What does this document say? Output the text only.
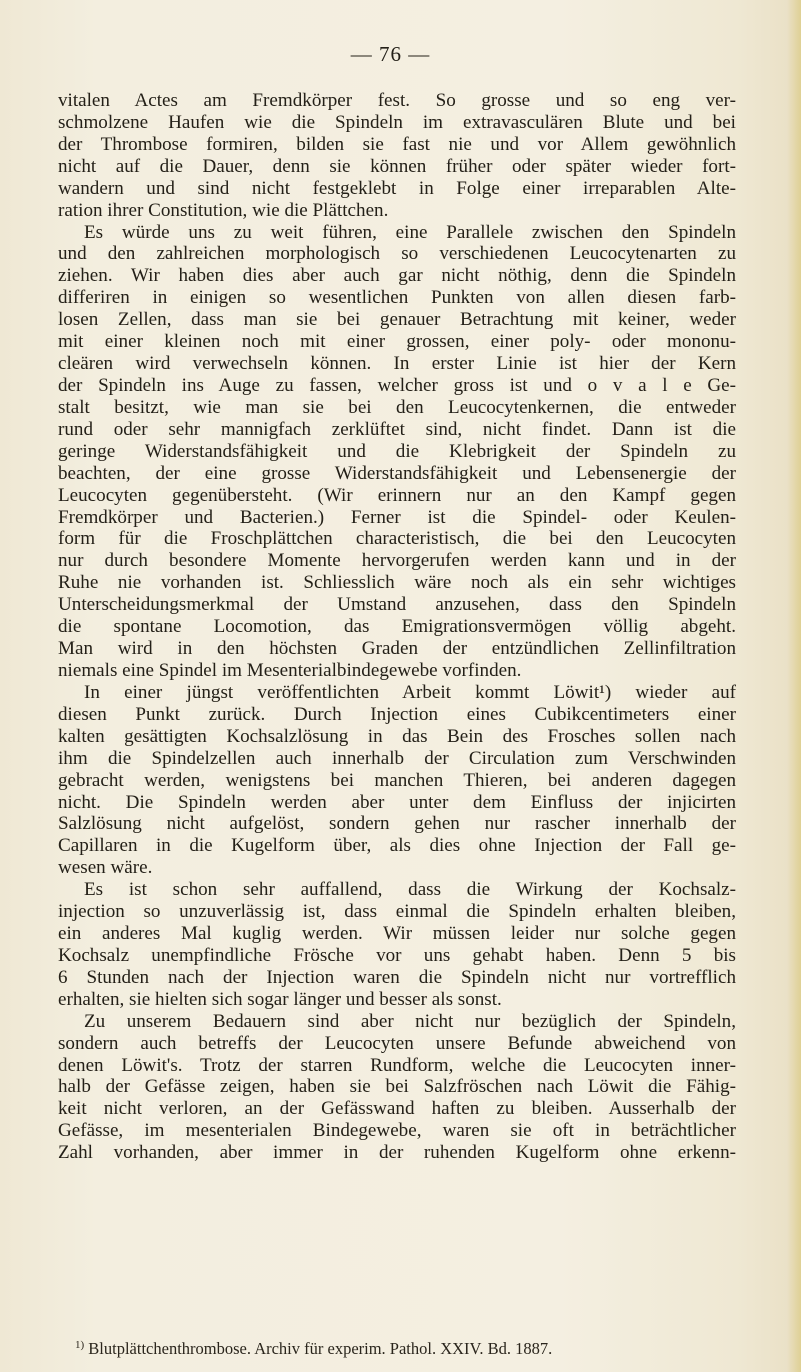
— 76 —
vitalen Actes am Fremdkörper fest. So grosse und so eng ver-
schmolzene Haufen wie die Spindeln im extravasculären Blute und bei
der Thrombose formiren, bilden sie fast nie und vor Allem gewöhnlich
nicht auf die Dauer, denn sie können früher oder später wieder fort-
wandern und sind nicht festgeklebt in Folge einer irreparablen Alte-
ration ihrer Constitution, wie die Plättchen.
Es würde uns zu weit führen, eine Parallele zwischen den Spindeln
und den zahlreichen morphologisch so verschiedenen Leucocytenarten zu
ziehen. Wir haben dies aber auch gar nicht nöthig, denn die Spindeln
differiren in einigen so wesentlichen Punkten von allen diesen farb-
losen Zellen, dass man sie bei genauer Betrachtung mit keiner, weder
mit einer kleinen noch mit einer grossen, einer poly- oder mononu-
cleären wird verwechseln können. In erster Linie ist hier der Kern
der Spindeln ins Auge zu fassen, welcher gross ist und o v a l e Ge-
stalt besitzt, wie man sie bei den Leucocytenkernen, die entweder
rund oder sehr mannigfach zerklüftet sind, nicht findet. Dann ist die
geringe Widerstandsfähigkeit und die Klebrigkeit der Spindeln zu
beachten, der eine grosse Widerstandsfähigkeit und Lebensenergie der
Leucocyten gegenübersteht. (Wir erinnern nur an den Kampf gegen
Fremdkörper und Bacterien.) Ferner ist die Spindel- oder Keulen-
form für die Froschplättchen characteristisch, die bei den Leucocyten
nur durch besondere Momente hervorgerufen werden kann und in der
Ruhe nie vorhanden ist. Schliesslich wäre noch als ein sehr wichtiges
Unterscheidungsmerkmal der Umstand anzusehen, dass den Spindeln
die spontane Locomotion, das Emigrationsvermögen völlig abgeht.
Man wird in den höchsten Graden der entzündlichen Zellinfiltration
niemals eine Spindel im Mesenterialbindegewebe vorfinden.
In einer jüngst veröffentlichten Arbeit kommt Löwit¹) wieder auf
diesen Punkt zurück. Durch Injection eines Cubikcentimeters einer
kalten gesättigten Kochsalzlösung in das Bein des Frosches sollen nach
ihm die Spindelzellen auch innerhalb der Circulation zum Verschwinden
gebracht werden, wenigstens bei manchen Thieren, bei anderen dagegen
nicht. Die Spindeln werden aber unter dem Einfluss der injicirten
Salzlösung nicht aufgelöst, sondern gehen nur rascher innerhalb der
Capillaren in die Kugelform über, als dies ohne Injection der Fall ge-
wesen wäre.
Es ist schon sehr auffallend, dass die Wirkung der Kochsalz-
injection so unzuverlässig ist, dass einmal die Spindeln erhalten bleiben,
ein anderes Mal kuglig werden. Wir müssen leider nur solche gegen
Kochsalz unempfindliche Frösche vor uns gehabt haben. Denn 5 bis
6 Stunden nach der Injection waren die Spindeln nicht nur vortrefflich
erhalten, sie hielten sich sogar länger und besser als sonst.
Zu unserem Bedauern sind aber nicht nur bezüglich der Spindeln,
sondern auch betreffs der Leucocyten unsere Befunde abweichend von
denen Löwit's. Trotz der starren Rundform, welche die Leucocyten inner-
halb der Gefässe zeigen, haben sie bei Salzfröschen nach Löwit die Fähig-
keit nicht verloren, an der Gefässwand haften zu bleiben. Ausserhalb der
Gefässe, im mesenterialen Bindegewebe, waren sie oft in beträchtlicher
Zahl vorhanden, aber immer in der ruhenden Kugelform ohne erkenn-
$^{1)}$ Blutplättchenthrombose. Archiv für experim. Pathol. XXIV. Bd. 1887.
